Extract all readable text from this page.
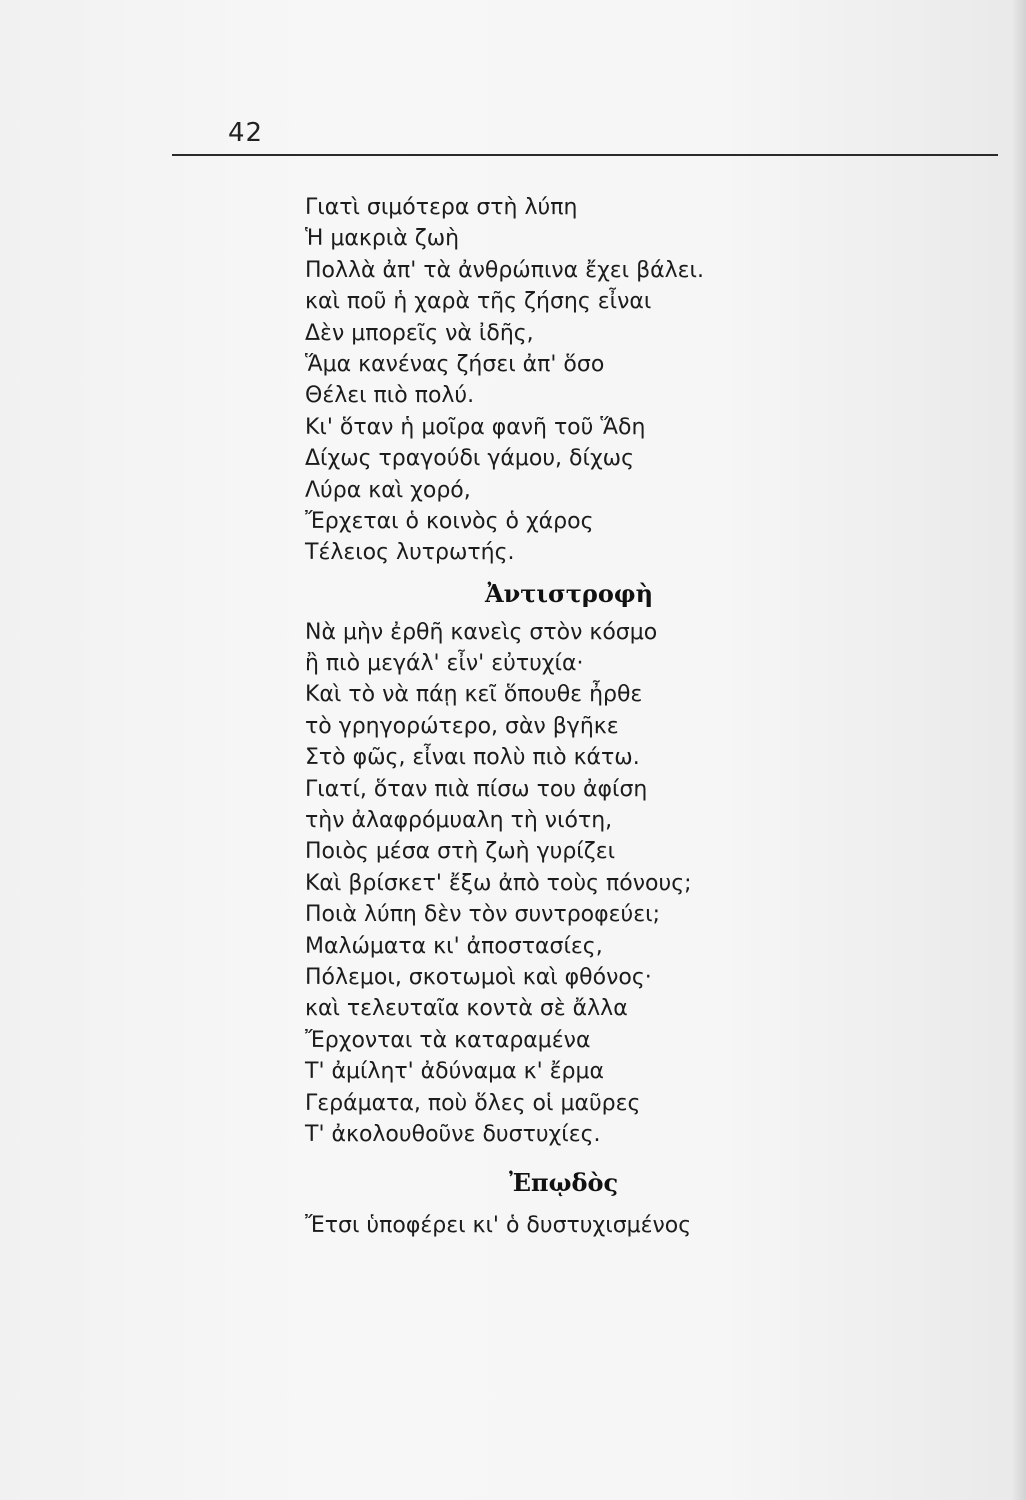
42
Γιατὶ σιμότερα στὴ λύπη
Ἡ μακριὰ ζωὴ
Πολλὰ ἀπ' τὰ ἀνθρώπινα ἔχει βάλει.
καὶ ποῦ ἡ χαρὰ τῆς ζήσης εἶναι
Δὲν μπορεῖς νὰ ἰδῆς,
Ἅμα κανένας ζήσει ἀπ' ὅσο
Θέλει πιὸ πολύ.
Κι' ὅταν ἡ μοῖρα φανῆ τοῦ Ἅδη
Δίχως τραγούδι γάμου, δίχως
Λύρα καὶ χορό,
Ἔρχεται ὁ κοινὸς ὁ χάρος
Τέλειος λυτρωτής.
Ἀντιστροφὴ
Νὰ μὴν ἐρθῆ κανεὶς στὸν κόσμο
ἢ πιὸ μεγάλ' εἶν' εὐτυχία·
Καὶ τὸ νὰ πάῃ κεῖ ὅπουθε ἦρθε
τὸ γρηγορώτερο, σὰν βγῆκε
Στὸ φῶς, εἶναι πολὺ πιὸ κάτω.
Γιατί, ὅταν πιὰ πίσω του ἀφίση
τὴν ἀλαφρόμυαλη τὴ νιότη,
Ποιὸς μέσα στὴ ζωὴ γυρίζει
Καὶ βρίσκετ' ἔξω ἀπὸ τοὺς πόνους;
Ποιὰ λύπη δὲν τὸν συντροφεύει;
Μαλώματα κι' ἀποστασίες,
Πόλεμοι, σκοτωμοὶ καὶ φθόνος·
καὶ τελευταῖα κοντὰ σὲ ἄλλα
Ἔρχονται τὰ καταραμένα
Τ' ἀμίλητ' ἀδύναμα κ' ἔρμα
Γεράματα, ποὺ ὅλες οἱ μαῦρες
Τ' ἀκολουθοῦνε δυστυχίες.
Ἐπῳδὸς
Ἔτσι ὑποφέρει κι' ὁ δυστυχισμένος
